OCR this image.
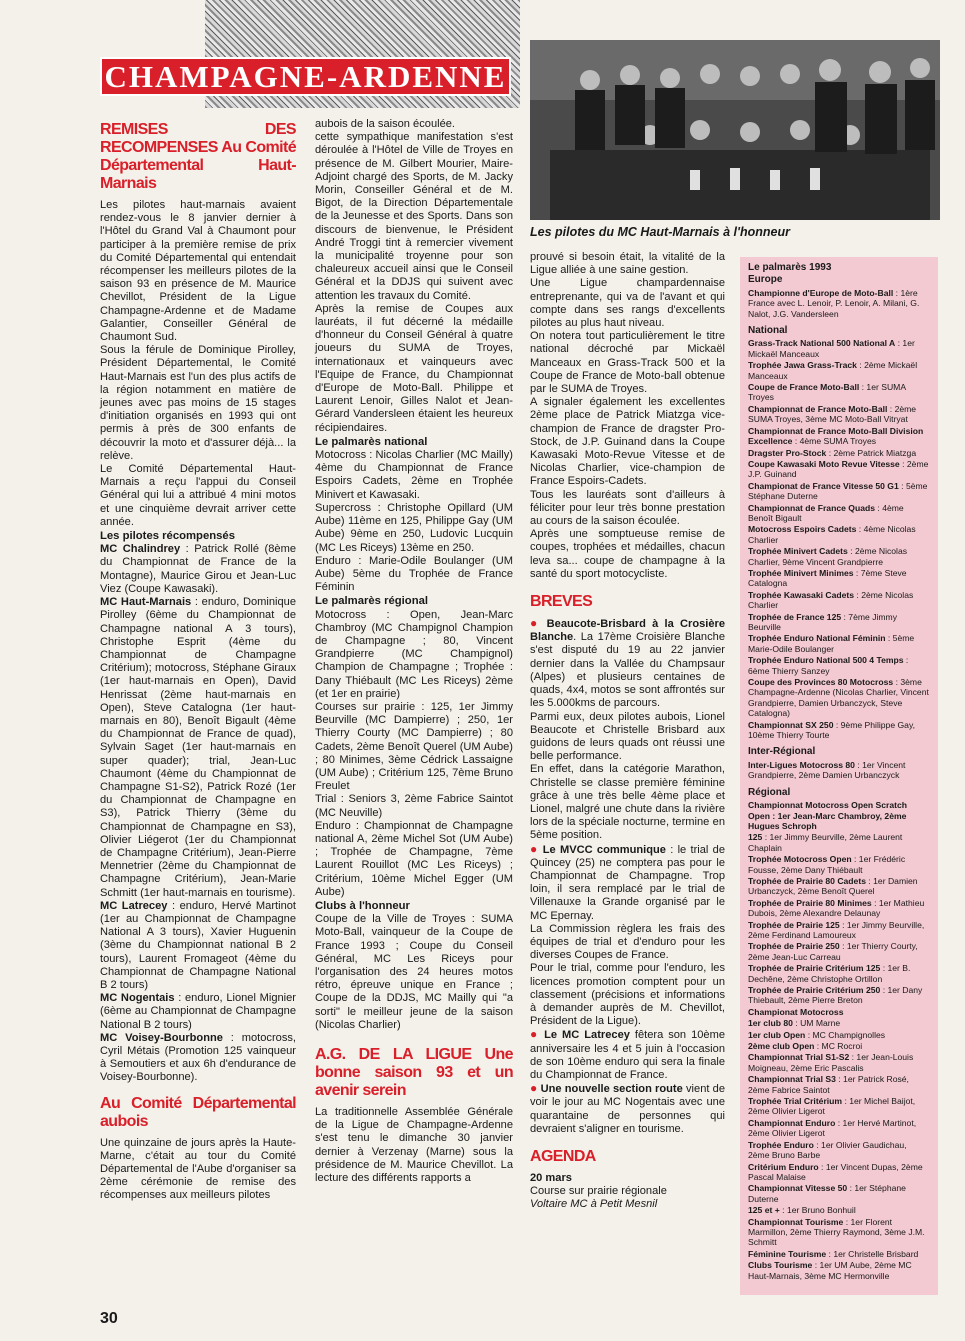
CHAMPAGNE-ARDENNE
Les pilotes du MC Haut-Marnais à l'honneur
REMISES DES RECOMPENSES Au Comité Départemental Haut-Marnais

Les pilotes haut-marnais avaient rendez-vous le 8 janvier dernier à l'Hôtel du Grand Val à Chaumont pour participer à la première remise de prix du Comité Départemental qui entendait récompenser les meilleurs pilotes de la saison 93 en présence de M. Maurice Chevillot, Président de la Ligue Champagne-Ardenne et de Madame Galantier, Conseiller Général de Chaumont Sud.

Sous la férule de Dominique Pirolley, Président Départemental, le Comité Haut-Marnais est l'un des plus actifs de la région notamment en matière de jeunes avec pas moins de 15 stages d'initiation organisés en 1993 qui ont permis à près de 300 enfants de découvrir la moto et d'assurer déjà... la relève.

Le Comité Départemental Haut-Marnais a reçu l'appui du Conseil Général qui lui a attribué 4 mini motos et une cinquième devrait arriver cette année.

Les pilotes récompensés

MC Chalindrey : Patrick Rollé (8ème du Championnat de France de la Montagne), Maurice Girou et Jean-Luc Viez (Coupe Kawasaki).

MC Haut-Marnais : enduro, Dominique Pirolley (6ème du Championnat de Champagne national A 3 tours), Christophe Esprit (4ème du Championnat de Champagne Critérium); motocross, Stéphane Giraux (1er haut-marnais en Open), David Henrissat (2ème haut-marnais en Open), Steve Catalogna (1er haut-marnais en 80), Benoît Bigault (4ème du Championnat de France de quad), Sylvain Saget (1er haut-marnais en super quader); trial, Jean-Luc Chaumont (4ème du Championnat de Champagne S1-S2), Patrick Rozé (1er du Championnat de Champagne en S3), Patrick Thierry (3ème du Championnat de Champagne en S3), Olivier Liégerot (1er du Championnat de Champagne Critérium), Jean-Pierre Mennetrier (2ème du Championnat de Champagne Critérium), Jean-Marie Schmitt (1er haut-marnais en tourisme).

MC Latrecey : enduro, Hervé Martinot (1er au Championnat de Champagne National A 3 tours), Xavier Huguenin (3ème du Championnat national B 2 tours), Laurent Fromageot (4ème du Championnat de Champagne National B 2 tours)

MC Nogentais : enduro, Lionel Mignier (6ème au Championnat de Champagne National B 2 tours)

MC Voisey-Bourbonne : motocross, Cyril Métais (Promotion 125 vainqueur à Semoutiers et aux 6h d'endurance de Voisey-Bourbonne).

Au Comité Départemental aubois

Une quinzaine de jours après la Haute-Marne, c'était au tour du Comité Départemental de l'Aube d'organiser sa 2ème cérémonie de remise des récompenses aux meilleurs pilotes

aubois de la saison écoulée.

cette sympathique manifestation s'est déroulée à l'Hôtel de Ville de Troyes en présence de M. Gilbert Mourier, Maire-Adjoint chargé des Sports, de M. Jacky Morin, Conseiller Général et de M. Bigot, de la Direction Départementale de la Jeunesse et des Sports. Dans son discours de bienvenue, le Président André Troggi tint à remercier vivement la municipalité troyenne pour son chaleureux accueil ainsi que le Conseil Général et la DDJS qui suivent avec attention les travaux du Comité.

Après la remise de Coupes aux lauréats, il fut décerné la médaille d'honneur du Conseil Général à quatre joueurs du SUMA de Troyes, internationaux et vainqueurs avec l'Equipe de France, du Championnat d'Europe de Moto-Ball. Philippe et Laurent Lenoir, Gilles Nalot et Jean-Gérard Vandersleen étaient les heureux récipiendaires.

Le palmarès national

Motocross : Nicolas Charlier (MC Mailly) 4ème du Championnat de France Espoirs Cadets, 2ème en Trophée Minivert et Kawasaki.

Supercross : Christophe Opillard (UM Aube) 11ème en 125, Philippe Gay (UM Aube) 9ème en 250, Ludovic Lucquin (MC Les Riceys) 13ème en 250.

Enduro : Marie-Odile Boulanger (UM Aube) 5ème du Trophée de France Féminin

Le palmarès régional

Motocross : Open, Jean-Marc Chambroy (MC Champignol Champion de Champagne ; 80, Vincent Grandpierre (MC Champignol) Champion de Champagne ; Trophée : Dany Thiébault (MC Les Riceys) 2ème (et 1er en prairie)

Courses sur prairie : 125, 1er Jimmy Beurville (MC Dampierre) ; 250, 1er Thierry Courty (MC Dampierre) ; 80 Cadets, 2ème Benoît Querel (UM Aube) ; 80 Minimes, 3ème Cédrick Lassaigne (UM Aube) ; Critérium 125, 7ème Bruno Freulet

Trial : Seniors 3, 2ème Fabrice Saintot (MC Neuville)

Enduro : Championnat de Champagne national A, 2ème Michel Sot (UM Aube) ; Trophée de Champagne, 7ème Laurent Rouillot (MC Les Riceys) ; Critérium, 10ème Michel Egger (UM Aube)

Clubs à l'honneur

Coupe de la Ville de Troyes : SUMA Moto-Ball, vainqueur de la Coupe de France 1993 ; Coupe du Conseil Général, MC Les Riceys pour l'organisation des 24 heures motos rétro, épreuve unique en France ; Coupe de la DDJS, MC Mailly qui "a sorti" le meilleur jeune de la saison (Nicolas Charlier)

A.G. DE LA LIGUE Une bonne saison 93 et un avenir serein

La traditionnelle Assemblée Générale de la Ligue de Champagne-Ardenne s'est tenu le dimanche 30 janvier dernier à Verzenay (Marne) sous la présidence de M. Maurice Chevillot. La lecture des différents rapports a

prouvé si besoin était, la vitalité de la Ligue alliée à une saine gestion.

Une Ligue champardennaise entreprenante, qui va de l'avant et qui compte dans ses rangs d'excellents pilotes au plus haut niveau.

On notera tout particulièrement le titre national décroché par Mickaël Manceaux en Grass-Track 500 et la Coupe de France de Moto-ball obtenue par le SUMA de Troyes.

A signaler également les excellentes 2ème place de Patrick Miatzga vice-champion de France de dragster Pro-Stock, de J.P. Guinand dans la Coupe Kawasaki Moto-Revue Vitesse et de Nicolas Charlier, vice-champion de France Espoirs-Cadets.

Tous les lauréats sont d'ailleurs à féliciter pour leur très bonne prestation au cours de la saison écoulée.

Après une somptueuse remise de coupes, trophées et médailles, chacun leva sa... coupe de champagne à la santé du sport motocycliste.

BREVES

● Beaucote-Brisbard à la Crosière Blanche. La 17ème Croisière Blanche s'est disputé du 19 au 22 janvier dernier dans la Vallée du Champsaur (Alpes) et plusieurs centaines de quads, 4x4, motos se sont affrontés sur les 5.000kms de parcours.

Parmi eux, deux pilotes aubois, Lionel Beaucote et Christelle Brisbard aux guidons de leurs quads ont réussi une belle performance.

En effet, dans la catégorie Marathon, Christelle se classe première féminine grâce à une très belle 4ème place et Lionel, malgré une chute dans la rivière lors de la spéciale nocturne, termine en 5ème position.

● Le MVCC communique : le trial de Quincey (25) ne comptera pas pour le Championnat de Champagne. Trop loin, il sera remplacé par le trial de Villenauxe la Grande organisé par le MC Epernay.

La Commission règlera les frais des équipes de trial et d'enduro pour les diverses Coupes de France.

Pour le trial, comme pour l'enduro, les licences promotion comptent pour un classement (précisions et informations à demander auprès de M. Chevillot, Président de la Ligue).

● Le MC Latrecey fêtera son 10ème anniversaire les 4 et 5 juin à l'occasion de son 10ème enduro qui sera la finale du Championnat de France.

● Une nouvelle section route vient de voir le jour au MC Nogentais avec une quarantaine de personnes qui devraient s'aligner en tourisme.

AGENDA

20 mars

Course sur prairie régionale

Voltaire MC à Petit Mesnil

Le palmarès 1993
Europe
Championne d'Europe de Moto-Ball : 1ère France avec L. Lenoir, P. Lenoir, A. Milani, G. Nalot, J.G. Vandersleen
National
Grass-Track National 500 National A : 1er Mickaël Manceaux
Trophée Jawa Grass-Track : 2ème Mickaël Manceaux
Coupe de France Moto-Ball : 1er SUMA Troyes
Championnat de France Moto-Ball : 2ème SUMA Troyes, 3ème MC Moto-Ball Vitryat
Championnat de France Moto-Ball Division Excellence : 4ème SUMA Troyes
Dragster Pro-Stock : 2ème Patrick Miatzga
Coupe Kawasaki Moto Revue Vitesse : 2ème J.P. Guinand
Championat de France Vitesse 50 G1 : 5ème Stéphane Duterne
Championnat de France Quads : 4ème Benoît Bigault
Motocross Espoirs Cadets : 4ème Nicolas Charlier
Trophée Minivert Cadets : 2ème Nicolas Charlier, 9ème Vincent Grandpierre
Trophée Minivert Minimes : 7ème Steve Catalogna
Trophée Kawasaki Cadets : 2ème Nicolas Charlier
Trophée de France 125 : 7ème Jimmy Beurville
Trophée Enduro National Féminin : 5ème Marie-Odile Boulanger
Trophée Enduro National 500 4 Temps : 6ème Thierry Sanzey
Coupe des Provinces 80 Motocross : 3ème Champagne-Ardenne (Nicolas Charlier, Vincent Grandpierre, Damien Urbanczyck, Steve Catalogna)
Championnat SX 250 : 9ème Philippe Gay, 10ème Thierry Tourte
Inter-Régional
Inter-Ligues Motocross 80 : 1er Vincent Grandpierre, 2ème Damien Urbanczyck
Régional
Championnat Motocross Open Scratch Open : 1er Jean-Marc Chambroy, 2ème Hugues Schroph
125 : 1er Jimmy Beurville, 2ème Laurent Chaplain
Trophée Motocross Open : 1er Frédéric Fousse, 2ème Dany Thiébault
Trophée de Prairie 80 Cadets : 1er Damien Urbanczyck, 2ème Benoît Querel
Trophée de Prairie 80 Minimes : 1er Mathieu Dubois, 2ème Alexandre Delaunay
Trophée de Prairie 125 : 1er Jimmy Beurville, 2ème Ferdinand Lamoureux
Trophée de Prairie 250 : 1er Thierry Courty, 2ème Jean-Luc Carreau
Trophée de Prairie Critérium 125 : 1er B. Dechêne, 2ème Christophe Ortillon
Trophée de Prairie Critérium 250 : 1er Dany Thiebault, 2ème Pierre Breton
Championat Motocross
1er club 80 : UM Marne
1er club Open : MC Champignolles
2ème club Open : MC Rocroi
Championnat Trial S1-S2 : 1er Jean-Louis Moigneau, 2ème Eric Pascalis
Championnat Trial S3 : 1er Patrick Rosé, 2ème Fabrice Saintot
Trophée Trial Critérium : 1er Michel Baijot, 2ème Olivier Ligerot
Championnat Enduro : 1er Hervé Martinot, 2ème Olivier Ligerot
Trophée Enduro : 1er Olivier Gaudichau, 2ème Bruno Barbe
Critérium Enduro : 1er Vincent Dupas, 2ème Pascal Malaise
Championnat Vitesse 50 : 1er Stéphane Duterne
125 et + : 1er Bruno Bonhuil
Championnat Tourisme : 1er Florent Marmillon, 2ème Thierry Raymond, 3ème J.M. Schmitt
Féminine Tourisme : 1er Christelle Brisbard
Clubs Tourisme : 1er UM Aube, 2ème MC Haut-Marnais, 3ème MC Hermonville
30
